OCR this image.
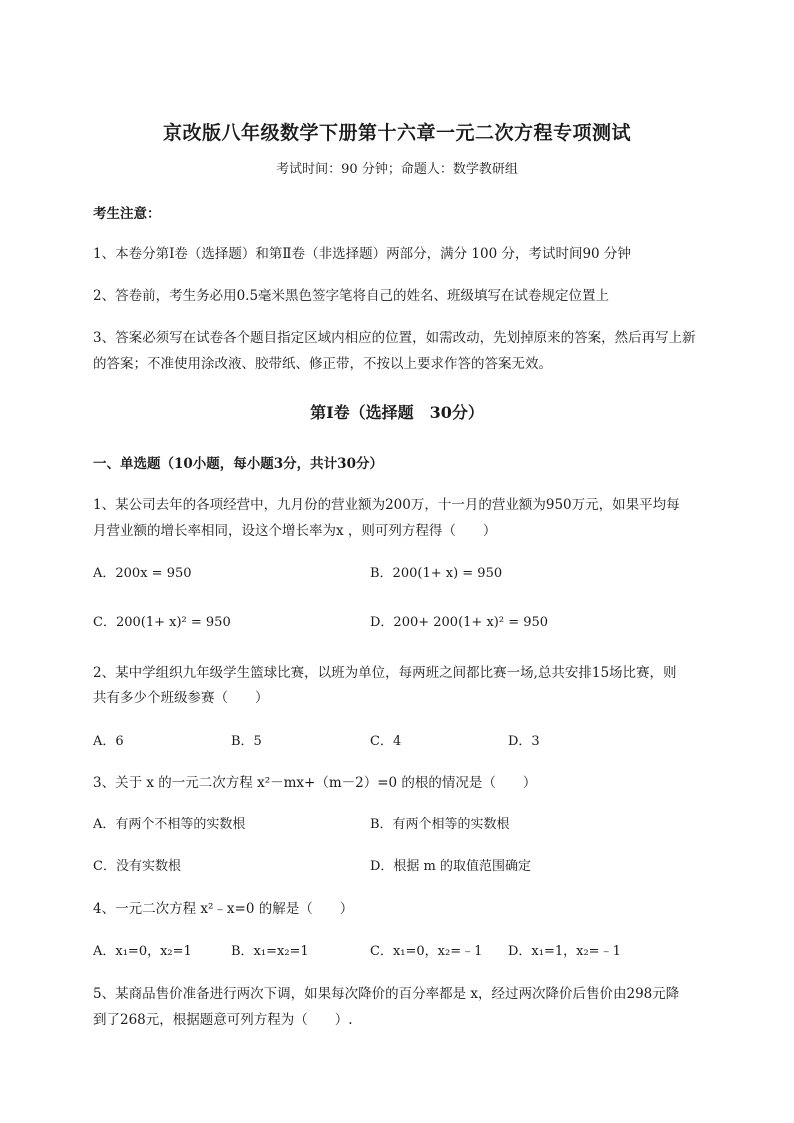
京改版八年级数学下册第十六章一元二次方程专项测试
考试时间：90 分钟；命题人：数学教研组
考生注意：
1、本卷分第Ⅰ卷（选择题）和第Ⅱ卷（非选择题）两部分，满分 100 分，考试时间90 分钟
2、答卷前，考生务必用0.5毫米黑色签字笔将自己的姓名、班级填写在试卷规定位置上
3、答案必须写在试卷各个题目指定区域内相应的位置，如需改动，先划掉原来的答案，然后再写上新
的答案；不准使用涂改液、胶带纸、修正带，不按以上要求作答的答案无效。
第Ⅰ卷（选择题　30分）
一、单选题（10小题，每小题3分，共计30分）
1、某公司去年的各项经营中，九月份的营业额为200万，十一月的营业额为950万元，如果平均每
月营业额的增长率相同，设这个增长率为x ，则可列方程得（　　）
A．200x = 950	B．200(1+ x) = 950
C．200(1+ x)² = 950	D．200+ 200(1+ x)² = 950
2、某中学组织九年级学生篮球比赛，以班为单位，每两班之间都比赛一场,总共安排15场比赛，则
共有多少个班级参赛（　　）
A．6	B．5	C．4	D．3
3、关于 x 的一元二次方程 x²－mx+（m－2）=0 的根的情况是（　　）
A．有两个不相等的实数根	B．有两个相等的实数根
C．没有实数根	D．根据 m 的取值范围确定
4、一元二次方程 x²﹣x=0 的解是（　　）
A．x₁=0，x₂=1	B．x₁=x₂=1	C．x₁=0，x₂=﹣1 D．x₁=1，x₂=﹣1
5、某商品售价准备进行两次下调，如果每次降价的百分率都是 x，经过两次降价后售价由298元降
到了268元，根据题意可列方程为（　　）.
